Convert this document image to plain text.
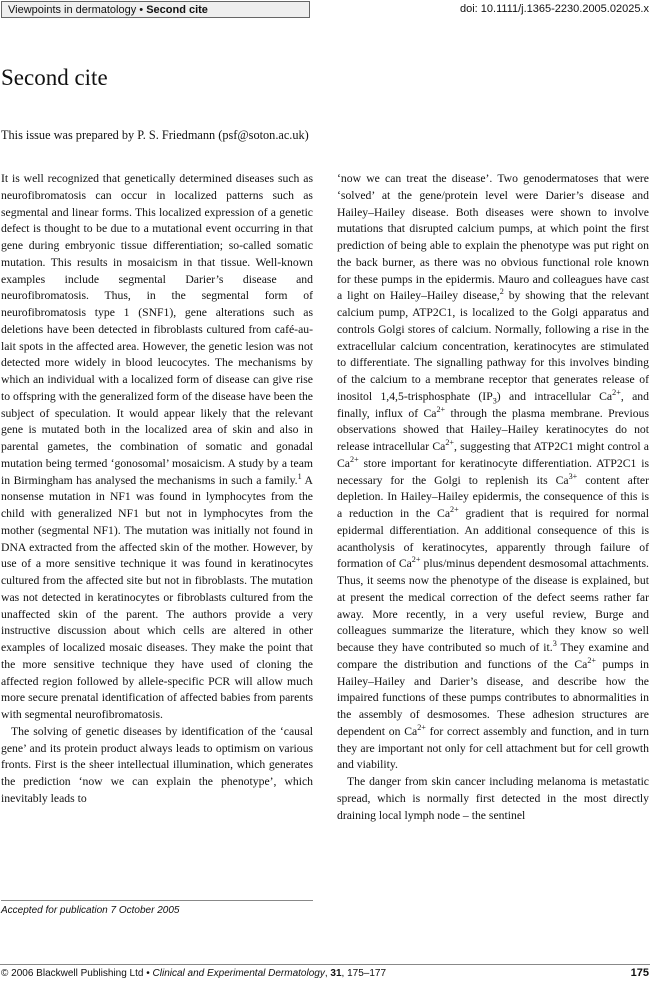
Viewpoints in dermatology • Second cite	doi: 10.1111/j.1365-2230.2005.02025.x
Second cite
This issue was prepared by P. S. Friedmann (psf@soton.ac.uk)

It is well recognized that genetically determined diseases such as neurofibromatosis can occur in localized patterns such as segmental and linear forms. This localized expression of a genetic defect is thought to be due to a mutational event occurring in that gene during embryonic tissue differentiation; so-called somatic mutation. This results in mosaicism in that tissue. Well-known examples include segmental Darier’s disease and neurofibromatosis. Thus, in the segmental form of neurofibromatosis type 1 (SNF1), gene alterations such as deletions have been detected in fibroblasts cultured from café-au-lait spots in the affected area. However, the genetic lesion was not detected more widely in blood leucocytes. The mechanisms by which an individual with a localized form of disease can give rise to offspring with the generalized form of the disease have been the subject of speculation. It would appear likely that the relevant gene is mutated both in the localized area of skin and also in parental gametes, the combination of somatic and gonadal mutation being termed ‘gonosomal’ mosaicism. A study by a team in Birmingham has analysed the mechanisms in such a family.$^1$ A nonsense mutation in NF1 was found in lymphocytes from the child with generalized NF1 but not in lymphocytes from the mother (segmental NF1). The mutation was initially not found in DNA extracted from the affected skin of the mother. However, by use of a more sensitive technique it was found in keratinocytes cultured from the affected site but not in fibroblasts. The mutation was not detected in keratinocytes or fibroblasts cultured from the unaffected skin of the parent. The authors provide a very instructive discussion about which cells are altered in other examples of localized mosaic diseases. They make the point that the more sensitive technique they have used of cloning the affected region followed by allele-specific PCR will allow much more secure prenatal identification of affected babies from parents with segmental neurofibromatosis.

The solving of genetic diseases by identification of the ‘causal gene’ and its protein product always leads to optimism on various fronts. First is the sheer intellectual illumination, which generates the prediction ‘now we can explain the phenotype’, which inevitably leads to

‘now we can treat the disease’. Two genodermatoses that were ‘solved’ at the gene/protein level were Darier’s disease and Hailey–Hailey disease. Both diseases were shown to involve mutations that disrupted calcium pumps, at which point the first prediction of being able to explain the phenotype was put right on the back burner, as there was no obvious functional role known for these pumps in the epidermis. Mauro and colleagues have cast a light on Hailey–Hailey disease,$^2$ by showing that the relevant calcium pump, ATP2C1, is localized to the Golgi apparatus and controls Golgi stores of calcium. Normally, following a rise in the extracellular calcium concentration, keratinocytes are stimulated to differentiate. The signalling pathway for this involves binding of the calcium to a membrane receptor that generates release of inositol 1,4,5-trisphosphate $(IP_3)$ and intracellular $Ca^{2+}$, and finally, influx of $Ca^{2+}$ through the plasma membrane. Previous observations showed that Hailey–Hailey keratinocytes do not release intracellular $Ca^{2+}$, suggesting that ATP2C1 might control a $Ca^{2+}$ store important for keratinocyte differentiation. ATP2C1 is necessary for the Golgi to replenish its $Ca^{3+}$ content after depletion. In Hailey–Hailey epidermis, the consequence of this is a reduction in the $Ca^{2+}$ gradient that is required for normal epidermal differentiation. An additional consequence of this is acantholysis of keratinocytes, apparently through failure of formation of $Ca^{2+}$ plus/minus dependent desmosomal attachments. Thus, it seems now the phenotype of the disease is explained, but at present the medical correction of the defect seems rather far away. More recently, in a very useful review, Burge and colleagues summarize the literature, which they know so well because they have contributed so much of it.$^3$ They examine and compare the distribution and functions of the $Ca^{2+}$ pumps in Hailey–Hailey and Darier’s disease, and describe how the impaired functions of these pumps contributes to abnormalities in the assembly of desmosomes. These adhesion structures are dependent on $Ca^{2+}$ for correct assembly and function, and in turn they are important not only for cell attachment but for cell growth and viability.

The danger from skin cancer including melanoma is metastatic spread, which is normally first detected in the most directly draining local lymph node – the sentinel

Accepted for publication 7 October 2005
© 2006 Blackwell Publishing Ltd • Clinical and Experimental Dermatology, 31, 175–177	175
